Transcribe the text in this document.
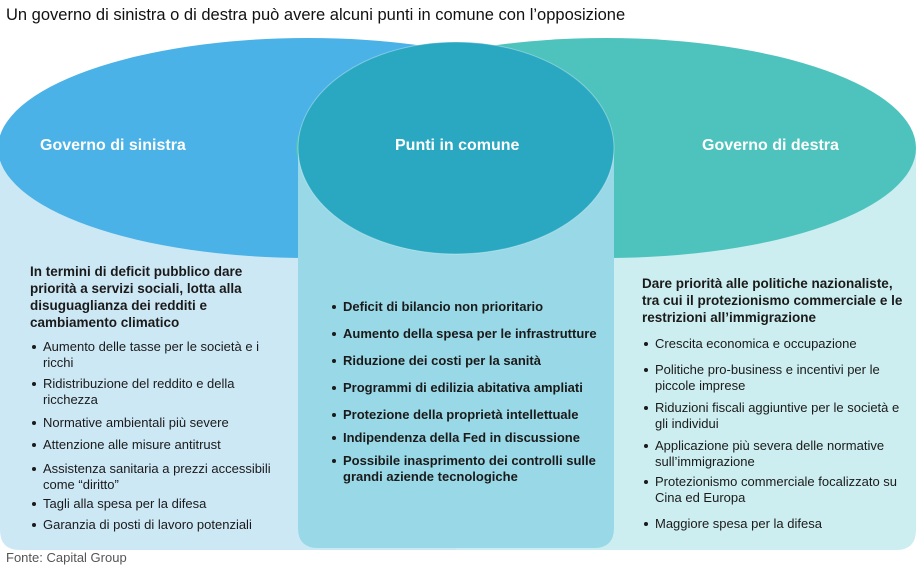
Un governo di sinistra o di destra può avere alcuni punti in comune con l’opposizione
Governo di sinistra	Punti in comune	Governo di destra
In termini di deficit pubblico dare priorità a servizi sociali, lotta alla disuguaglianza dei redditi e cambiamento climatico
Aumento delle tasse per le società e i ricchi
Ridistribuzione del reddito e della ricchezza
Normative ambientali più severe
Attenzione alle misure antitrust
Assistenza sanitaria a prezzi accessibili come “diritto”
Tagli alla spesa per la difesa
Garanzia di posti di lavoro potenziali
Deficit di bilancio non prioritario
Aumento della spesa per le infrastrutture
Riduzione dei costi per la sanità
Programmi di edilizia abitativa ampliati
Protezione della proprietà intellettuale
Indipendenza della Fed in discussione
Possibile inasprimento dei controlli sulle grandi aziende tecnologiche
Dare priorità alle politiche nazionaliste, tra cui il protezionismo commerciale e le restrizioni all’immigrazione
Crescita economica e occupazione
Politiche pro-business e incentivi per le piccole imprese
Riduzioni fiscali aggiuntive per le società e gli individui
Applicazione più severa delle normative sull’immigrazione
Protezionismo commerciale focalizzato su Cina ed Europa
Maggiore spesa per la difesa
Fonte: Capital Group
